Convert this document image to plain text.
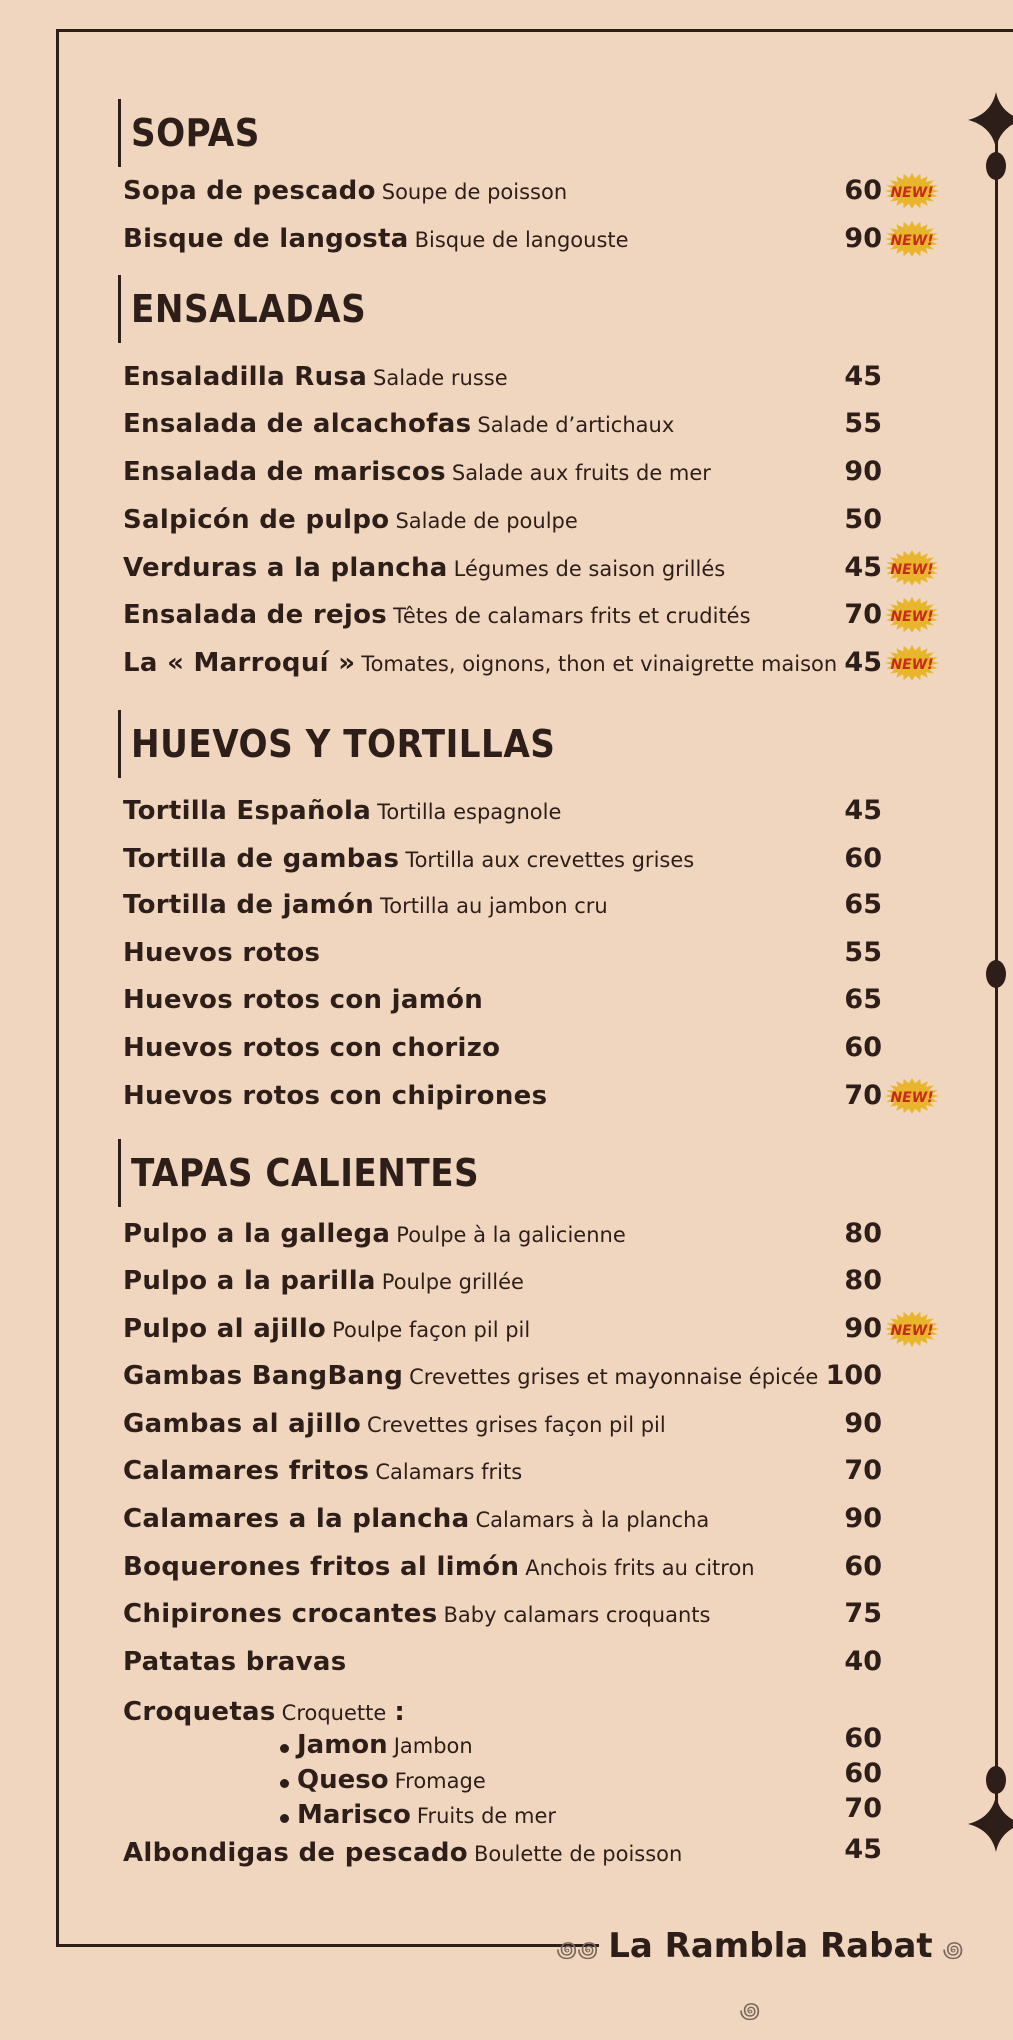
SOPAS
Sopa de pescado Soupe de poisson	60 NEW!
Bisque de langosta Bisque de langouste	90 NEW!
ENSALADAS
Ensaladilla Rusa Salade russe	45
Ensalada de alcachofas Salade d’artichaux	55
Ensalada de mariscos Salade aux fruits de mer	90
Salpicón de pulpo Salade de poulpe	50
Verduras a la plancha Légumes de saison grillés	45 NEW!
Ensalada de rejos Têtes de calamars frits et crudités	70 NEW!
La « Marroquí » Tomates, oignons, thon et vinaigrette maison 45 NEW!
HUEVOS Y TORTILLAS
Tortilla Española Tortilla espagnole	45
Tortilla de gambas Tortilla aux crevettes grises	60
Tortilla de jamón Tortilla au jambon cru	65
Huevos rotos	55
Huevos rotos con jamón	65
Huevos rotos con chorizo	60
Huevos rotos con chipirones	70 NEW!
TAPAS CALIENTES
Pulpo a la gallega Poulpe à la galicienne	80
Pulpo a la parilla Poulpe grillée	80
Pulpo al ajillo Poulpe façon pil pil	90 NEW!
Gambas BangBang Crevettes grises et mayonnaise épicée 100
Gambas al ajillo Crevettes grises façon pil pil	90
Calamares fritos Calamars frits	70
Calamares a la plancha Calamars à la plancha	90
Boquerones fritos al limón Anchois frits au citron	60
Chipirones crocantes Baby calamars croquants	75
Patatas bravas	40
Croquetas Croquette :
Jamon Jambon	60
Queso Fromage	60
Marisco Fruits de mer	70
Albondigas de pescado Boulette de poisson	45
꩜꩜ La Rambla Rabat ꩜꩜
